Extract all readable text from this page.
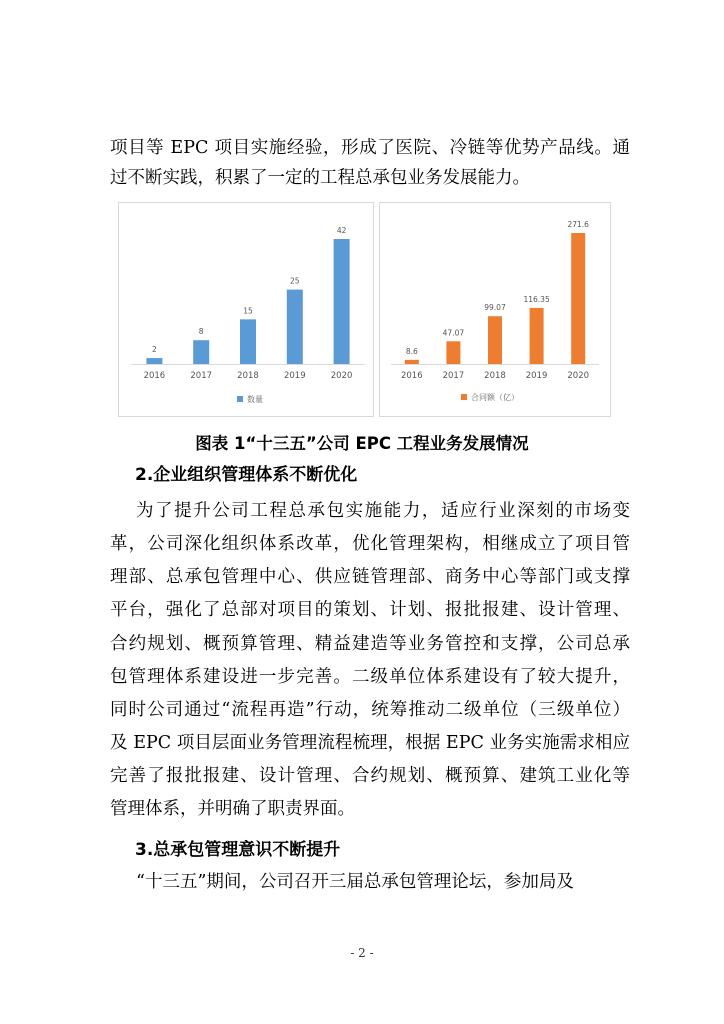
项目等 EPC 项目实施经验，形成了医院、冷链等优势产品线。通
过不断实践，积累了一定的工程总承包业务发展能力。
2
2016
8
2017
15
2018
25
2019
42
2020
数量
8.6
2016
47.07
2017
99.07
2018
116.35
2019
271.6
2020
合同额（亿）
图表 1“十三五”公司 EPC 工程业务发展情况
2.企业组织管理体系不断优化
为了提升公司工程总承包实施能力，适应行业深刻的市场变
革，公司深化组织体系改革，优化管理架构，相继成立了项目管
理部、总承包管理中心、供应链管理部、商务中心等部门或支撑
平台，强化了总部对项目的策划、计划、报批报建、设计管理、
合约规划、概预算管理、精益建造等业务管控和支撑，公司总承
包管理体系建设进一步完善。二级单位体系建设有了较大提升，
同时公司通过“流程再造”行动，统筹推动二级单位（三级单位）
及 EPC 项目层面业务管理流程梳理，根据 EPC 业务实施需求相应
完善了报批报建、设计管理、合约规划、概预算、建筑工业化等
管理体系，并明确了职责界面。
3.总承包管理意识不断提升
“十三五”期间，公司召开三届总承包管理论坛，参加局及
- 2 -
